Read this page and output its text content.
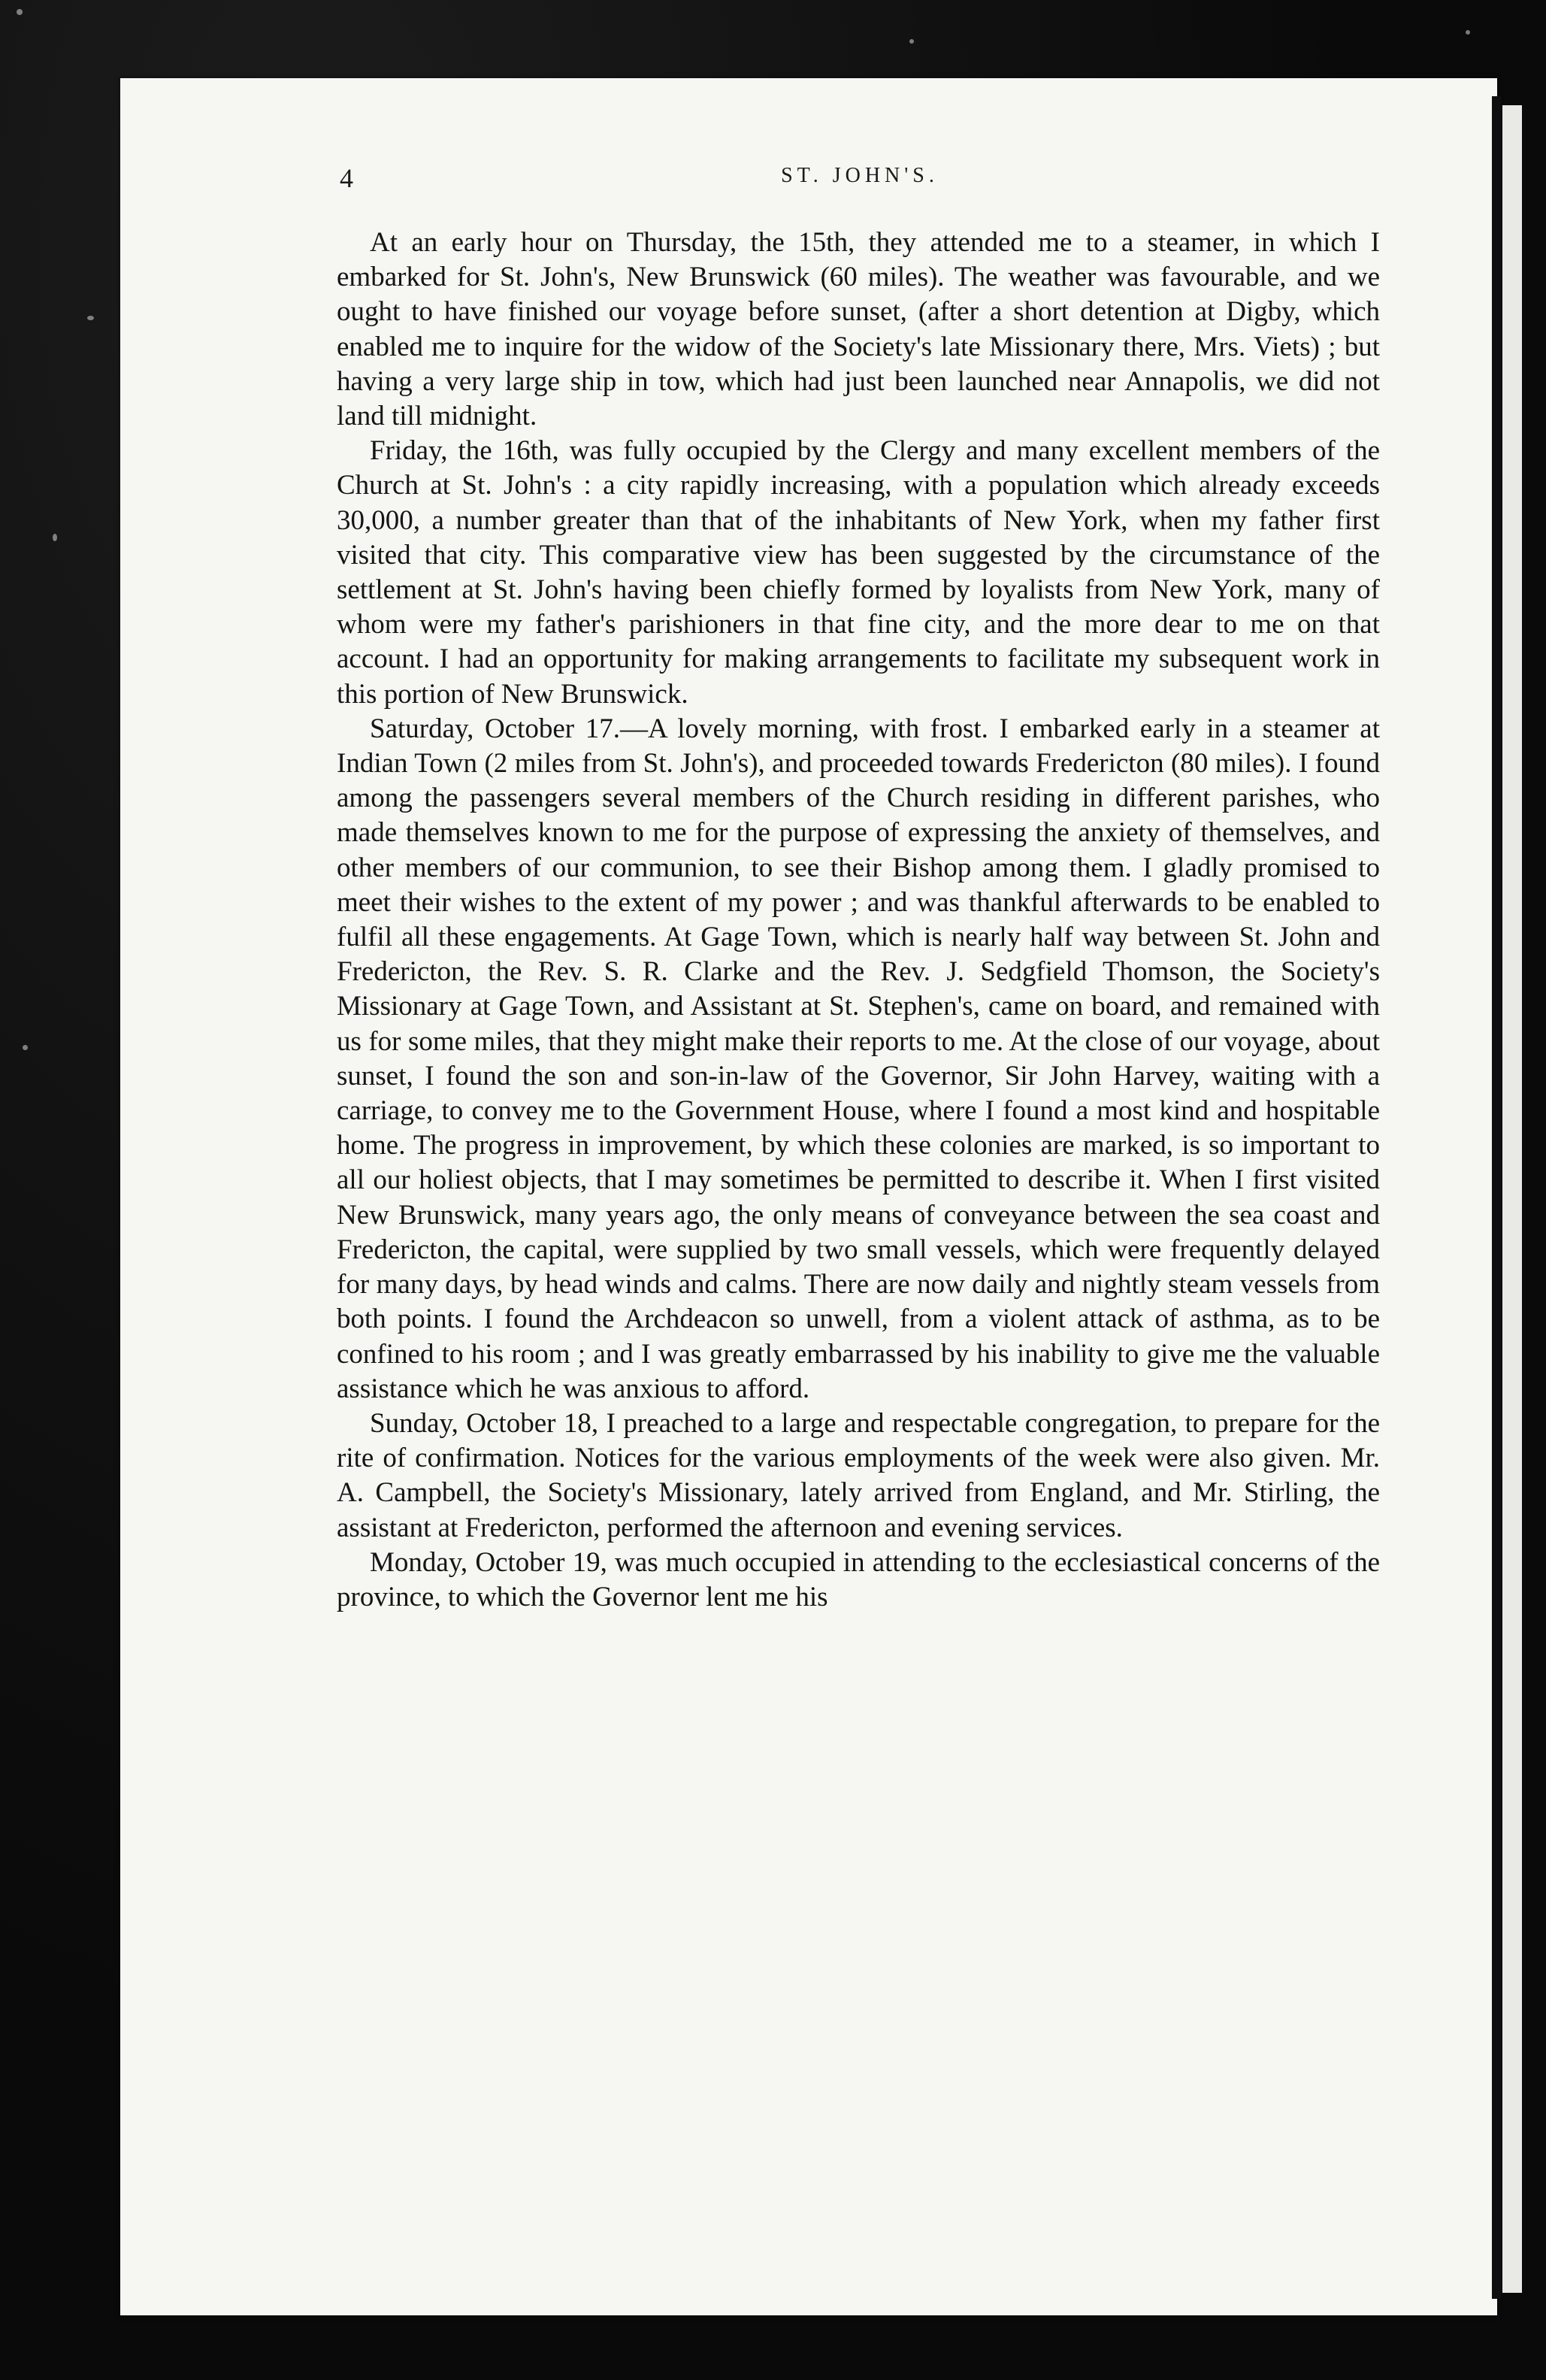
4	ST. JOHN'S.

At an early hour on Thursday, the 15th, they attended me to a steamer, in which I embarked for St. John's, New Brunswick (60 miles). The weather was favourable, and we ought to have finished our voyage before sunset, (after a short detention at Digby, which enabled me to inquire for the widow of the Society's late Missionary there, Mrs. Viets) ; but having a very large ship in tow, which had just been launched near Annapolis, we did not land till midnight.

Friday, the 16th, was fully occupied by the Clergy and many excellent members of the Church at St. John's : a city rapidly increasing, with a population which already exceeds 30,000, a number greater than that of the inhabitants of New York, when my father first visited that city. This comparative view has been suggested by the circumstance of the settlement at St. John's having been chiefly formed by loyalists from New York, many of whom were my father's parishioners in that fine city, and the more dear to me on that account. I had an opportunity for making arrangements to facilitate my subsequent work in this portion of New Brunswick.

Saturday, October 17.—A lovely morning, with frost. I embarked early in a steamer at Indian Town (2 miles from St. John's), and proceeded towards Fredericton (80 miles). I found among the passengers several members of the Church residing in different parishes, who made themselves known to me for the purpose of expressing the anxiety of themselves, and other members of our communion, to see their Bishop among them. I gladly promised to meet their wishes to the extent of my power ; and was thankful afterwards to be enabled to fulfil all these engagements. At Gage Town, which is nearly half way between St. John and Fredericton, the Rev. S. R. Clarke and the Rev. J. Sedgfield Thomson, the Society's Missionary at Gage Town, and Assistant at St. Stephen's, came on board, and remained with us for some miles, that they might make their reports to me. At the close of our voyage, about sunset, I found the son and son-in-law of the Governor, Sir John Harvey, waiting with a carriage, to convey me to the Government House, where I found a most kind and hospitable home. The progress in improvement, by which these colonies are marked, is so important to all our holiest objects, that I may sometimes be permitted to describe it. When I first visited New Brunswick, many years ago, the only means of conveyance between the sea coast and Fredericton, the capital, were supplied by two small vessels, which were frequently delayed for many days, by head winds and calms. There are now daily and nightly steam vessels from both points. I found the Archdeacon so unwell, from a violent attack of asthma, as to be confined to his room ; and I was greatly embarrassed by his inability to give me the valuable assistance which he was anxious to afford.

Sunday, October 18, I preached to a large and respectable congregation, to prepare for the rite of confirmation. Notices for the various employments of the week were also given. Mr. A. Campbell, the Society's Missionary, lately arrived from England, and Mr. Stirling, the assistant at Fredericton, performed the afternoon and evening services.

Monday, October 19, was much occupied in attending to the ecclesiastical concerns of the province, to which the Governor lent me his
